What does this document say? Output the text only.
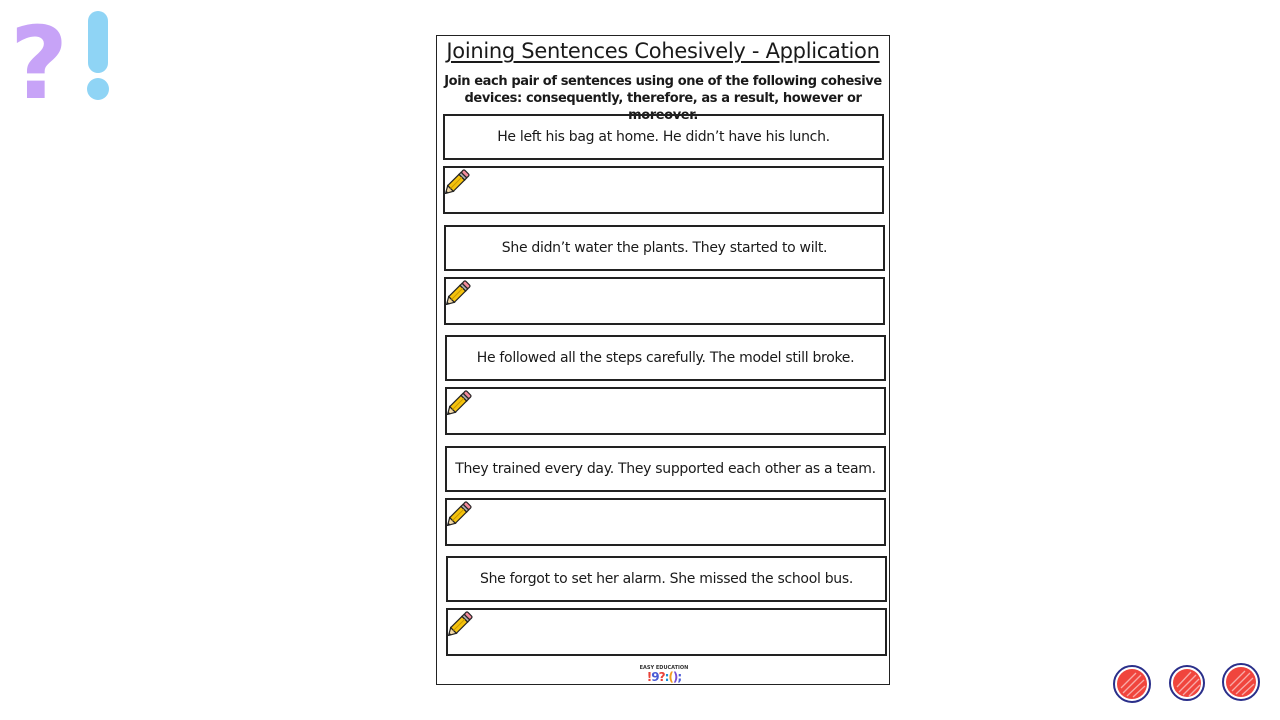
?	Joining Sentences Cohesively - Application
Join each pair of sentences using one of the following cohesive devices: consequently, therefore, as a result, however or moreover.
He left his bag at home. He didn’t have his lunch.
She didn’t water the plants. They started to wilt.
He followed all the steps carefully. The model still broke.
They trained every day. They supported each other as a team.
She forgot to set her alarm. She missed the school bus.
EASY EDUCATION
!9?:();
